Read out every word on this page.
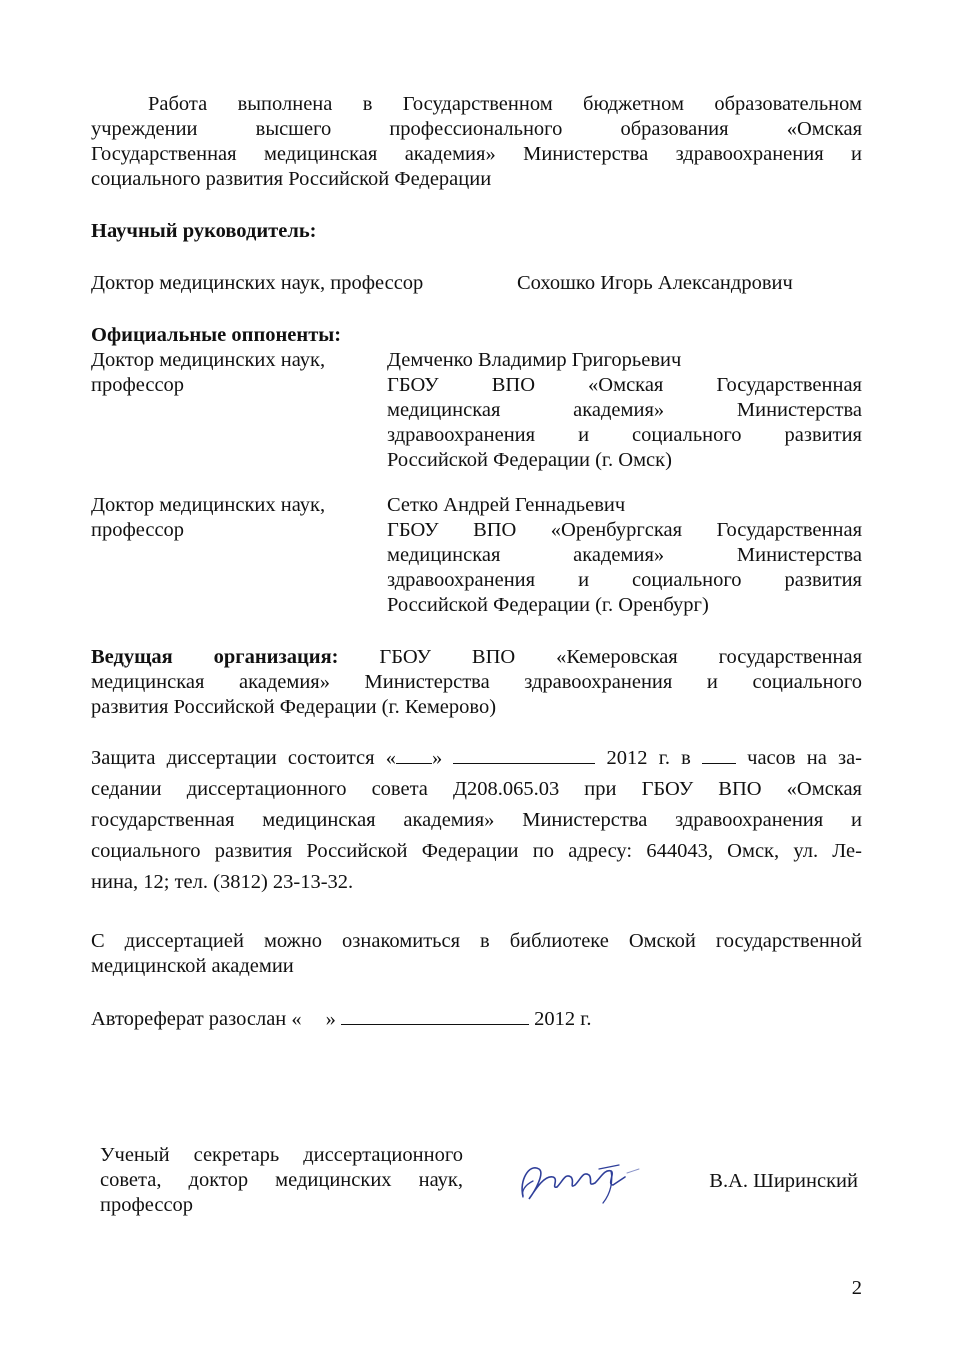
Работа выполнена в Государственном бюджетном образовательном

учреждении высшего профессионального образования «Омская

Государственная медицинская академия» Министерства здравоохранения и

социального развития Российской Федерации

Научный руководитель:
Доктор медицинских наук, профессор	Сохошко Игорь Александрович
Официальные оппоненты:
Доктор медицинских наук,
профессор
Демченко Владимир Григорьевич
ГБОУ ВПО «Омская Государственная
медицинская академия» Министерства
здравоохранения и социального развития
Российской Федерации (г. Омск)
Доктор медицинских наук,
профессор
Сетко Андрей Геннадьевич
ГБОУ ВПО «Оренбургская Государственная
медицинская академия» Министерства
здравоохранения и социального развития
Российской Федерации (г. Оренбург)

Ведущая организация: ГБОУ ВПО «Кемеровская государственная

медицинская академия» Министерства здравоохранения и социального

развития Российской Федерации (г. Кемерово)

Защита диссертации состоится « »	2012 г. в	часов на за-

седании диссертационного совета Д208.065.03 при ГБОУ ВПО «Омская

государственная медицинская академия» Министерства здравоохранения и

социального развития Российской Федерации по адресу: 644043, Омск, ул. Ле-

нина, 12; тел. (3812) 23-13-32.

С диссертацией можно ознакомиться в библиотеке Омской государственной

медицинской академии

Автореферат разослан « »	2012 г.

Ученый секретарь диссертационного
совета, доктор медицинских наук,
профессор
В.А. Ширинский
2
